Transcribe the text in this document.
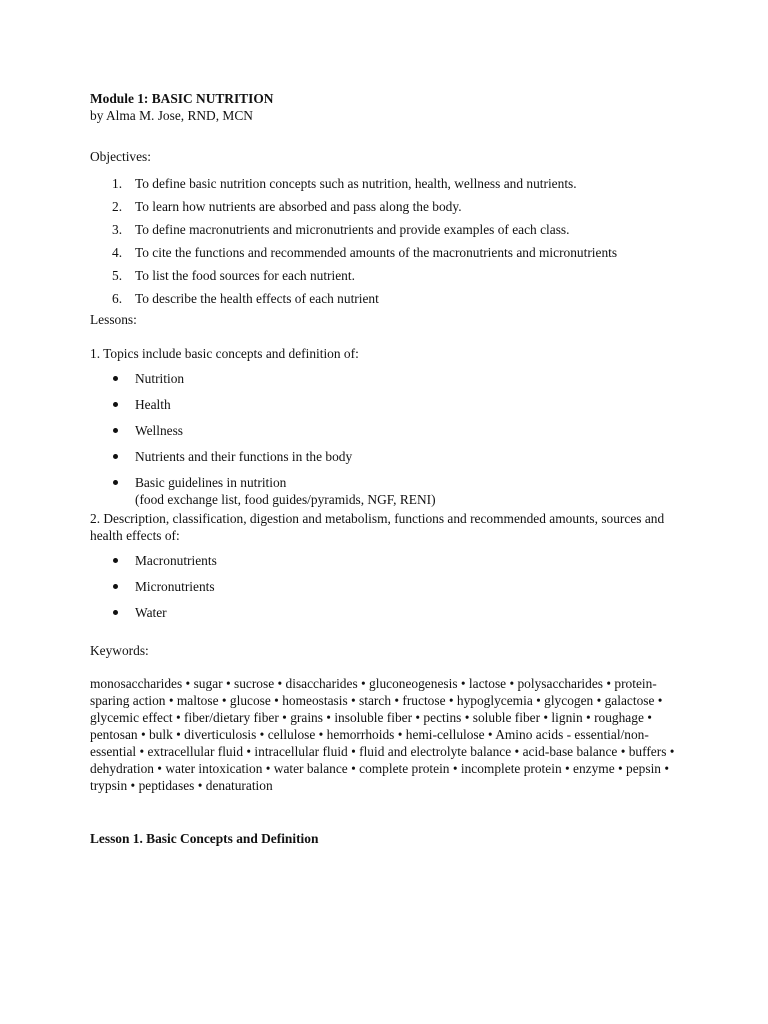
Module 1: BASIC NUTRITION
by Alma M. Jose, RND, MCN
Objectives:
1. To define basic nutrition concepts such as nutrition, health, wellness and nutrients.
2. To learn how nutrients are absorbed and pass along the body.
3. To define macronutrients and micronutrients and provide examples of each class.
4. To cite the functions and recommended amounts of the macronutrients and micronutrients
5. To list the food sources for each nutrient.
6. To describe the health effects of each nutrient
Lessons:
1. Topics include basic concepts and definition of:
Nutrition
Health
Wellness
Nutrients and their functions in the body
Basic guidelines in nutrition
(food exchange list, food guides/pyramids, NGF, RENI)

2. Description, classification, digestion and metabolism, functions and recommended amounts, sources and health effects of:

Macronutrients
Micronutrients
Water
Keywords:

monosaccharides • sugar • sucrose • disaccharides • gluconeogenesis • lactose • polysaccharides • protein-sparing action • maltose • glucose • homeostasis • starch • fructose • hypoglycemia • glycogen • galactose • glycemic effect • fiber/dietary fiber • grains • insoluble fiber • pectins • soluble fiber • lignin • roughage • pentosan • bulk • diverticulosis • cellulose • hemorrhoids • hemi-cellulose • Amino acids - essential/non-essential • extracellular fluid • intracellular fluid • fluid and electrolyte balance • acid-base balance • buffers • dehydration • water intoxication • water balance • complete protein • incomplete protein • enzyme • pepsin • trypsin • peptidases • denaturation

Lesson 1. Basic Concepts and Definition
